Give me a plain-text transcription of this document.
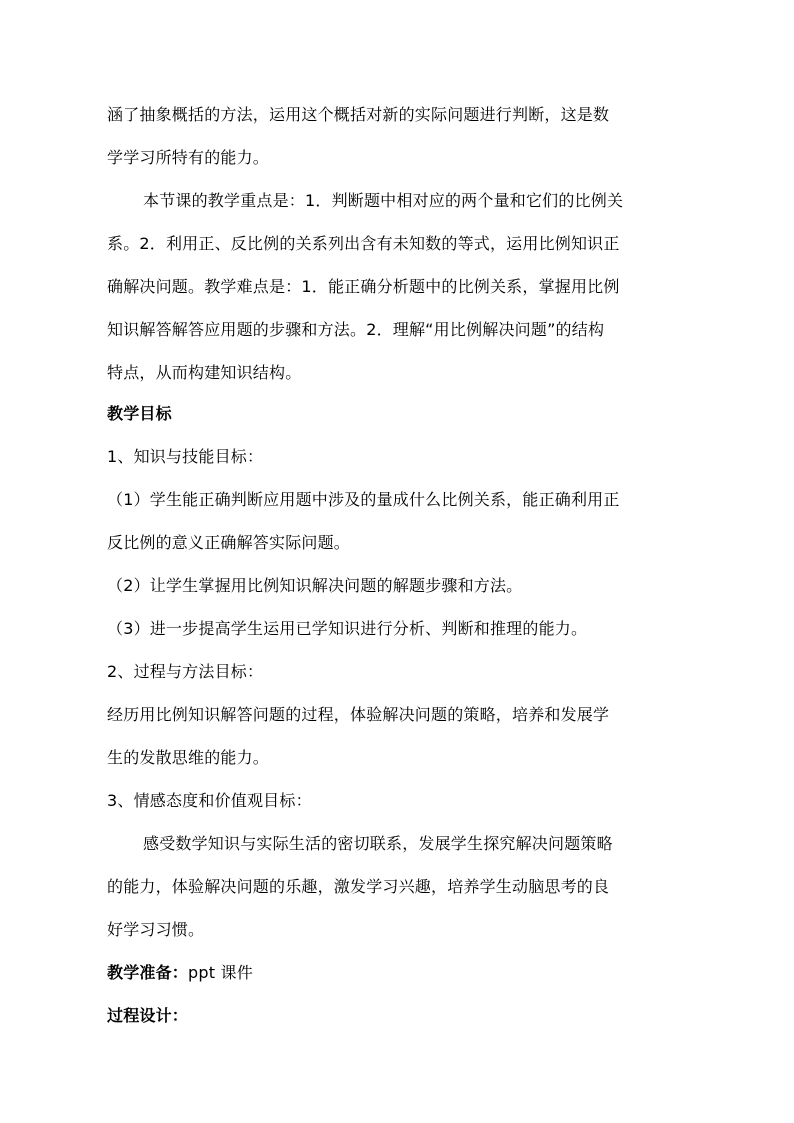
涵了抽象概括的方法，运用这个概括对新的实际问题进行判断，这是数
学学习所特有的能力。
本节课的教学重点是：1．判断题中相对应的两个量和它们的比例关
系。2．利用正、反比例的关系列出含有未知数的等式，运用比例知识正
确解决问题。教学难点是：1．能正确分析题中的比例关系，掌握用比例
知识解答解答应用题的步骤和方法。2．理解“用比例解决问题”的结构
特点，从而构建知识结构。
教学目标
1、知识与技能目标：
（1）学生能正确判断应用题中涉及的量成什么比例关系，能正确利用正
反比例的意义正确解答实际问题。
（2）让学生掌握用比例知识解决问题的解题步骤和方法。
（3）进一步提高学生运用已学知识进行分析、判断和推理的能力。
2、过程与方法目标：
经历用比例知识解答问题的过程，体验解决问题的策略，培养和发展学
生的发散思维的能力。
3、情感态度和价值观目标：
感受数学知识与实际生活的密切联系，发展学生探究解决问题策略
的能力，体验解决问题的乐趣，激发学习兴趣，培养学生动脑思考的良
好学习习惯。
教学准备：ppt 课件
过程设计：
